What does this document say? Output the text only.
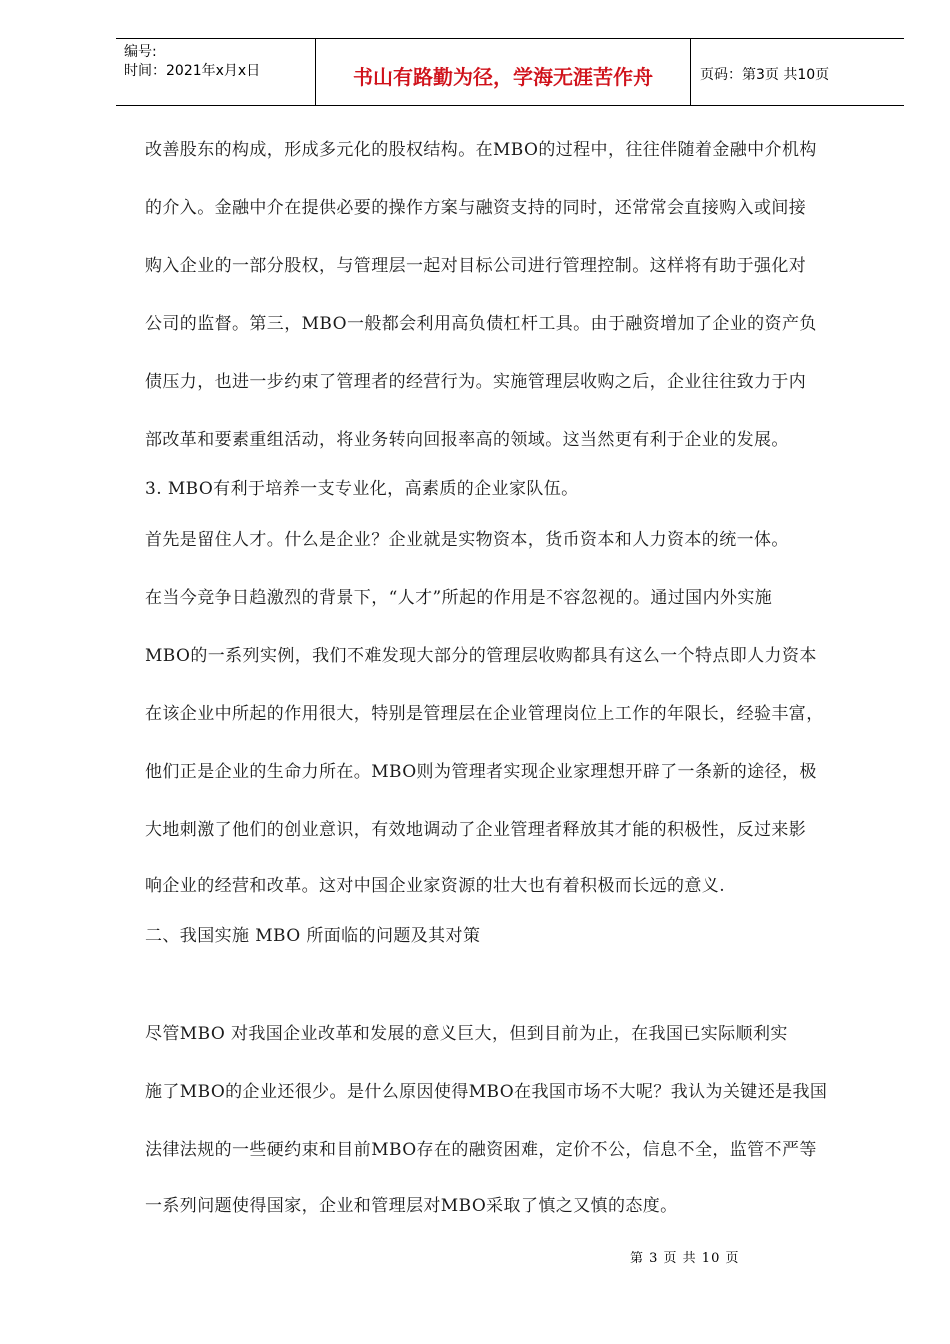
编号:
时间：2021年x月x日	书山有路勤为径，学海无涯苦作舟	页码：第3页 共10页
改善股东的构成，形成多元化的股权结构。在MBO的过程中，往往伴随着金融中介机构
的介入。金融中介在提供必要的操作方案与融资支持的同时，还常常会直接购入或间接
购入企业的一部分股权，与管理层一起对目标公司进行管理控制。这样将有助于强化对
公司的监督。第三，MBO一般都会利用高负债杠杆工具。由于融资增加了企业的资产负
债压力，也进一步约束了管理者的经营行为。实施管理层收购之后，企业往往致力于内
部改革和要素重组活动，将业务转向回报率高的领域。这当然更有利于企业的发展。
3. MBO有利于培养一支专业化，高素质的企业家队伍。
首先是留住人才。什么是企业？企业就是实物资本，货币资本和人力资本的统一体。
在当今竞争日趋激烈的背景下，“人才”所起的作用是不容忽视的。通过国内外实施
MBO的一系列实例，我们不难发现大部分的管理层收购都具有这么一个特点即人力资本
在该企业中所起的作用很大，特别是管理层在企业管理岗位上工作的年限长，经验丰富，
他们正是企业的生命力所在。MBO则为管理者实现企业家理想开辟了一条新的途径，极
大地刺激了他们的创业意识，有效地调动了企业管理者释放其才能的积极性，反过来影
响企业的经营和改革。这对中国企业家资源的壮大也有着积极而长远的意义.
二、我国实施 MBO 所面临的问题及其对策
尽管MBO 对我国企业改革和发展的意义巨大，但到目前为止，在我国已实际顺利实
施了MBO的企业还很少。是什么原因使得MBO在我国市场不大呢？我认为关键还是我国
法律法规的一些硬约束和目前MBO存在的融资困难，定价不公，信息不全，监管不严等
一系列问题使得国家，企业和管理层对MBO采取了慎之又慎的态度。
第 3 页 共 10 页
